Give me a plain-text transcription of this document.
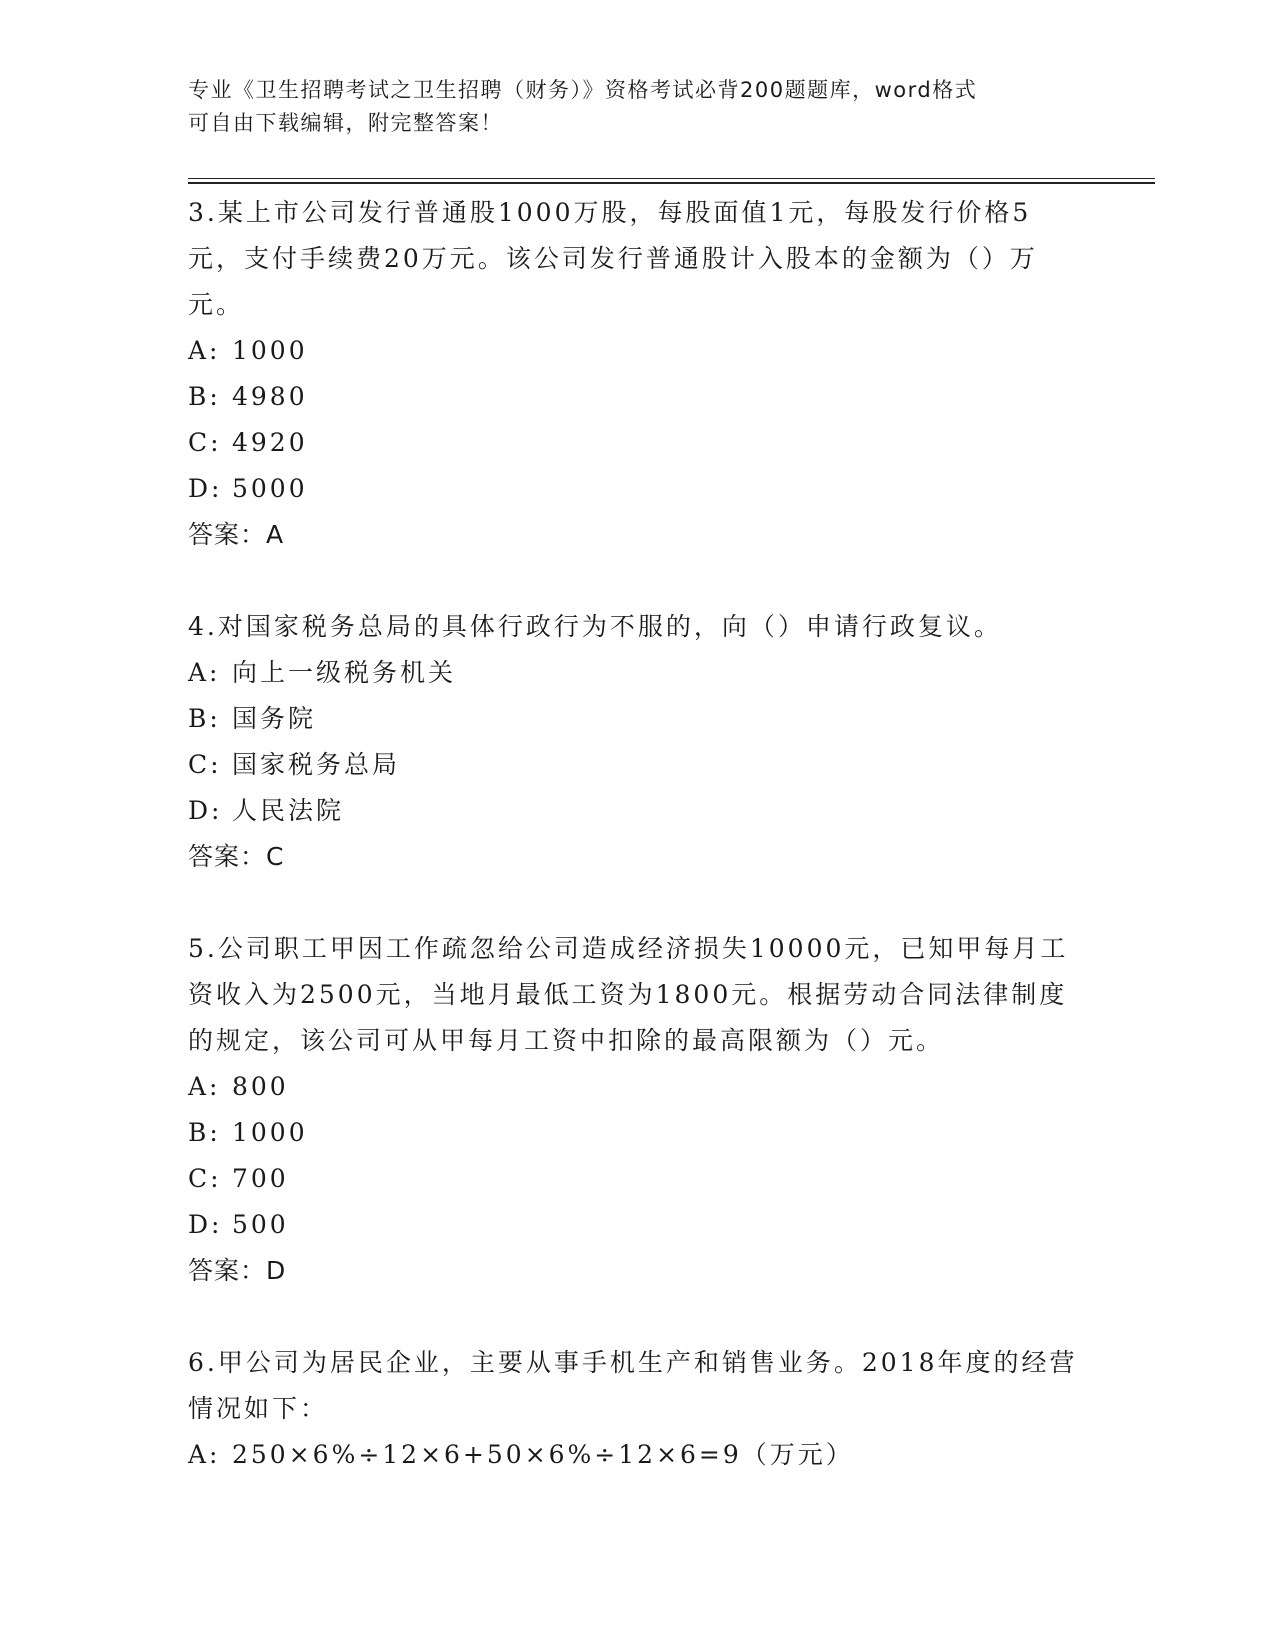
专业《卫生招聘考试之卫生招聘（财务）》资格考试必背200题题库，word格式
可自由下载编辑，附完整答案！
3.某上市公司发行普通股1000万股，每股面值1元，每股发行价格5元，支付手续费20万元。该公司发行普通股计入股本的金额为（）万元。
A: 1000
B: 4980
C: 4920
D: 5000
答案：A
4.对国家税务总局的具体行政行为不服的，向（）申请行政复议。
A: 向上一级税务机关
B: 国务院
C: 国家税务总局
D: 人民法院
答案：C
5.公司职工甲因工作疏忽给公司造成经济损失10000元，已知甲每月工资收入为2500元，当地月最低工资为1800元。根据劳动合同法律制度的规定，该公司可从甲每月工资中扣除的最高限额为（）元。
A: 800
B: 1000
C: 700
D: 500
答案：D
6.甲公司为居民企业，主要从事手机生产和销售业务。2018年度的经营情况如下：
A: 250×6%÷12×6+50×6%÷12×6=9（万元）
